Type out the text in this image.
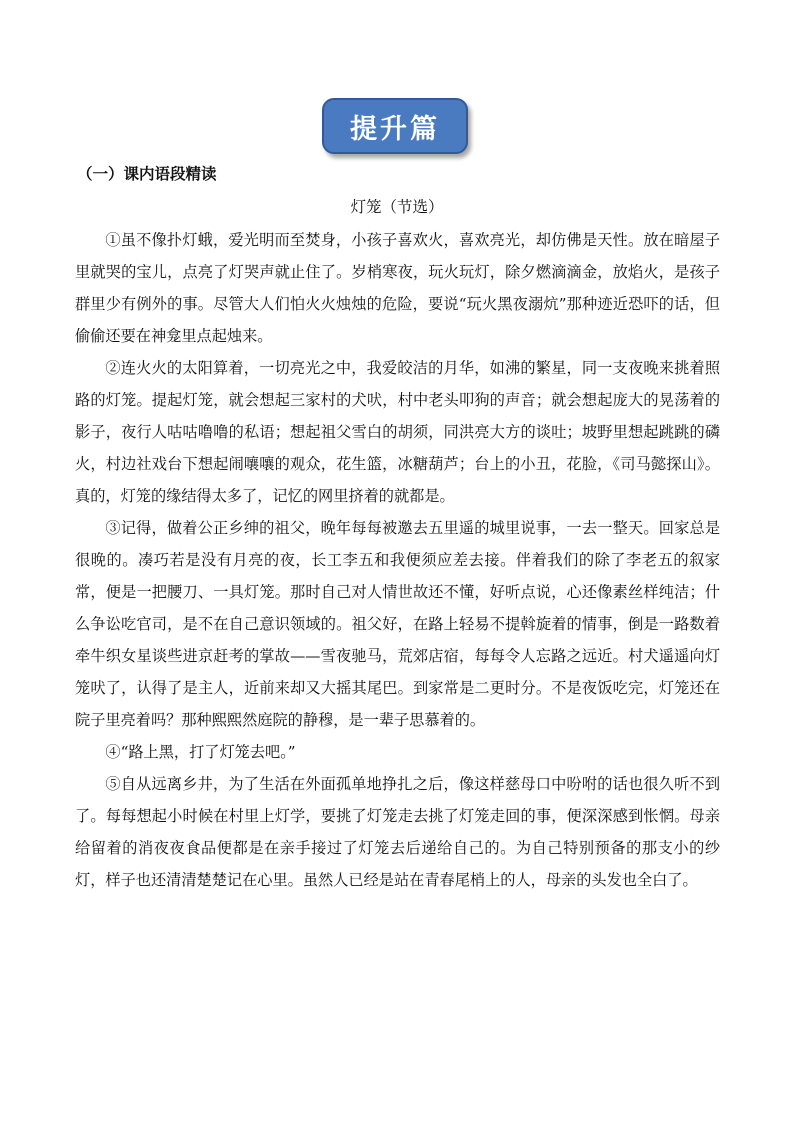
提升篇
（一）课内语段精读
灯笼（节选）

①虽不像扑灯蛾，爱光明而至焚身，小孩子喜欢火，喜欢亮光，却仿佛是天性。放在暗屋子里就哭的宝儿，点亮了灯哭声就止住了。岁梢寒夜，玩火玩灯，除夕燃滴滴金，放焰火，是孩子群里少有例外的事。尽管大人们怕火火烛烛的危险，要说“玩火黑夜溺炕”那种迹近恐吓的话，但偷偷还要在神龛里点起烛来。

②连火火的太阳算着，一切亮光之中，我爱皎洁的月华，如沸的繁星，同一支夜晚来挑着照路的灯笼。提起灯笼，就会想起三家村的犬吠，村中老头叩狗的声音；就会想起庞大的晃荡着的影子，夜行人咕咕噜噜的私语；想起祖父雪白的胡须，同洪亮大方的谈吐；坡野里想起跳跳的磷火，村边社戏台下想起闹嚷嚷的观众，花生篮，冰糖葫芦；台上的小丑，花脸，《司马懿探山》。真的，灯笼的缘结得太多了，记忆的网里挤着的就都是。

③记得，做着公正乡绅的祖父，晚年每每被邀去五里遥的城里说事，一去一整天。回家总是很晚的。凑巧若是没有月亮的夜，长工李五和我便须应差去接。伴着我们的除了李老五的叙家常，便是一把腰刀、一具灯笼。那时自己对人情世故还不懂，好听点说，心还像素丝样纯洁；什么争讼吃官司，是不在自己意识领域的。祖父好，在路上轻易不提斡旋着的情事，倒是一路数着牵牛织女星谈些进京赶考的掌故——雪夜驰马，荒郊店宿，每每令人忘路之远近。村犬遥遥向灯笼吠了，认得了是主人，近前来却又大摇其尾巴。到家常是二更时分。不是夜饭吃完，灯笼还在院子里亮着吗？那种熙熙然庭院的静穆，是一辈子思慕着的。

④“路上黑，打了灯笼去吧。”

⑤自从远离乡井，为了生活在外面孤单地挣扎之后，像这样慈母口中吩咐的话也很久听不到了。每每想起小时候在村里上灯学，要挑了灯笼走去挑了灯笼走回的事，便深深感到怅惘。母亲给留着的消夜夜食品便都是在亲手接过了灯笼去后递给自己的。为自己特别预备的那支小的纱灯，样子也还清清楚楚记在心里。虽然人已经是站在青春尾梢上的人，母亲的头发也全白了。
